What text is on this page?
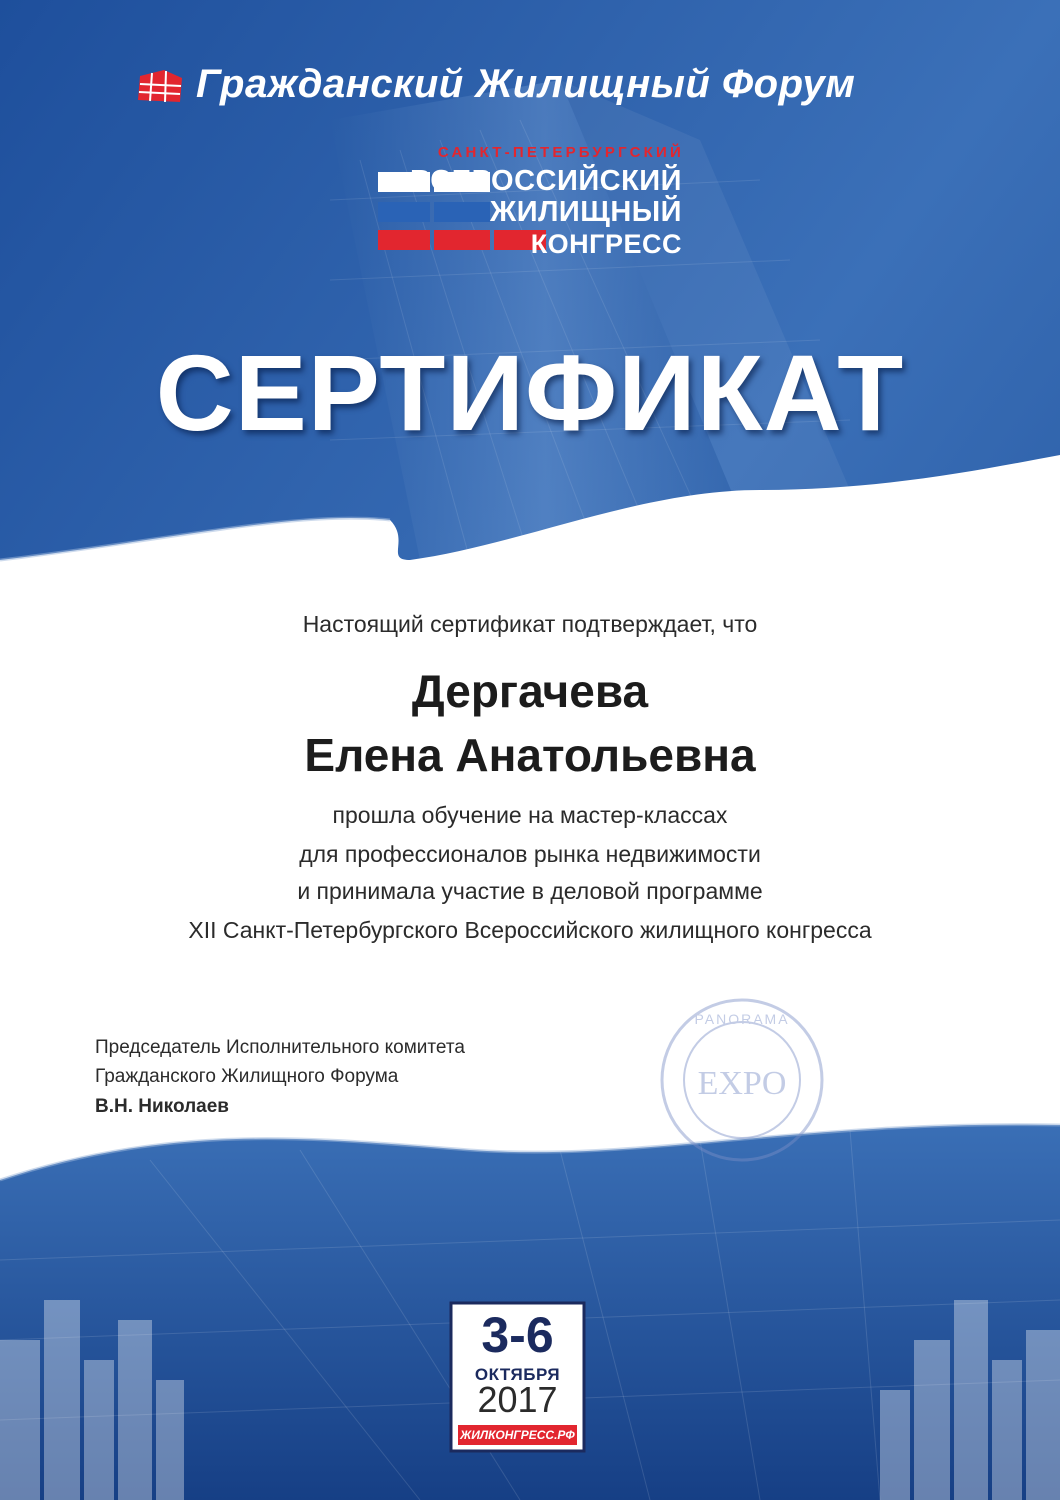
Гражданский Жилищный Форум
САНКТ-ПЕТЕРБУРГСКИЙ
ВСЕРОССИЙСКИЙ
ЖИЛИЩНЫЙ
КОНГРЕСС
СЕРТИФИКАТ
Настоящий сертификат подтверждает, что
Дергачева
Елена Анатольевна
прошла обучение на мастер-классах
для профессионалов рынка недвижимости
и принимала участие в деловой программе
XII Санкт-Петербургского Всероссийского жилищного конгресса
Председатель Исполнительного комитета
Гражданского Жилищного Форума
В.Н. Николаев
PANORAMA
EXPO
3-6
ОКТЯБРЯ
2017
ЖИЛКОНГРЕСС.РФ
